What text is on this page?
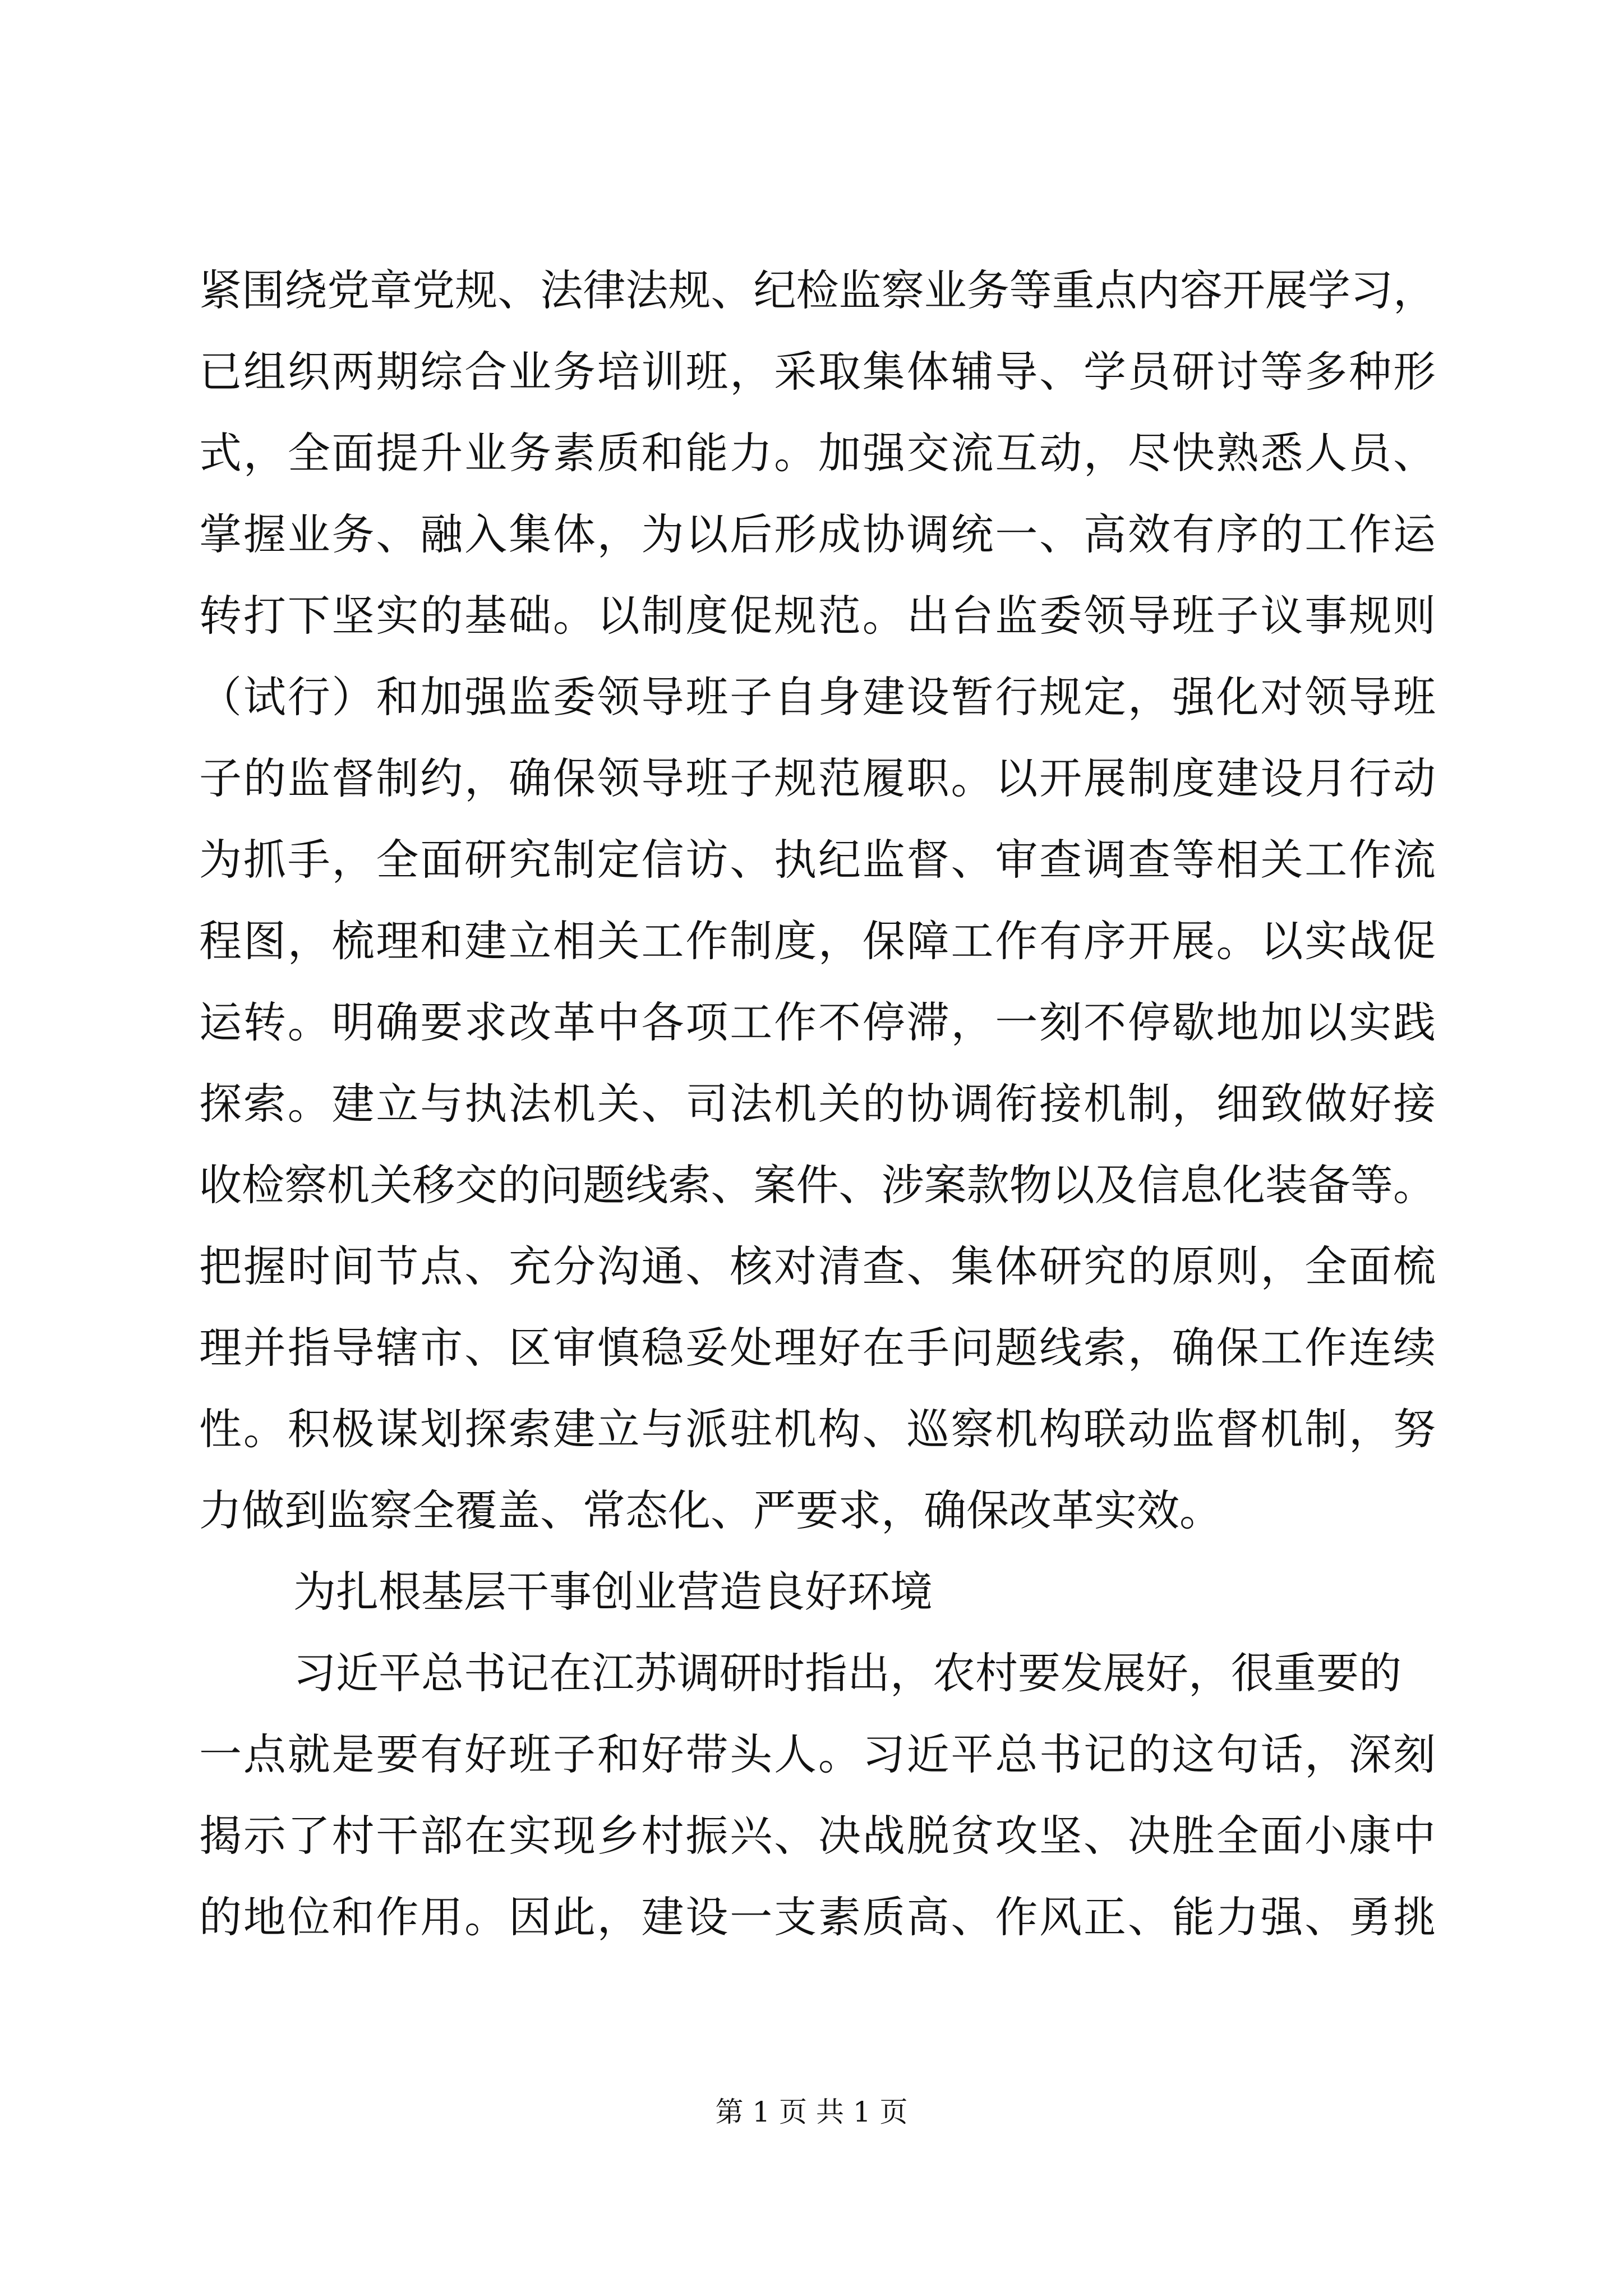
紧围绕党章党规、法律法规、纪检监察业务等重点内容开展学习，
已组织两期综合业务培训班，采取集体辅导、学员研讨等多种形
式，全面提升业务素质和能力。加强交流互动，尽快熟悉人员、
掌握业务、融入集体，为以后形成协调统一、高效有序的工作运
转打下坚实的基础。以制度促规范。出台监委领导班子议事规则
（试行）和加强监委领导班子自身建设暂行规定，强化对领导班
子的监督制约，确保领导班子规范履职。以开展制度建设月行动
为抓手，全面研究制定信访、执纪监督、审查调查等相关工作流
程图，梳理和建立相关工作制度，保障工作有序开展。以实战促
运转。明确要求改革中各项工作不停滞，一刻不停歇地加以实践
探索。建立与执法机关、司法机关的协调衔接机制，细致做好接
收检察机关移交的问题线索、案件、涉案款物以及信息化装备等。
把握时间节点、充分沟通、核对清查、集体研究的原则，全面梳
理并指导辖市、区审慎稳妥处理好在手问题线索，确保工作连续
性。积极谋划探索建立与派驻机构、巡察机构联动监督机制，努
力做到监察全覆盖、常态化、严要求，确保改革实效。
为扎根基层干事创业营造良好环境
习近平总书记在江苏调研时指出，农村要发展好，很重要的
一点就是要有好班子和好带头人。习近平总书记的这句话，深刻
揭示了村干部在实现乡村振兴、决战脱贫攻坚、决胜全面小康中
的地位和作用。因此，建设一支素质高、作风正、能力强、勇挑
第 1 页 共 1 页
